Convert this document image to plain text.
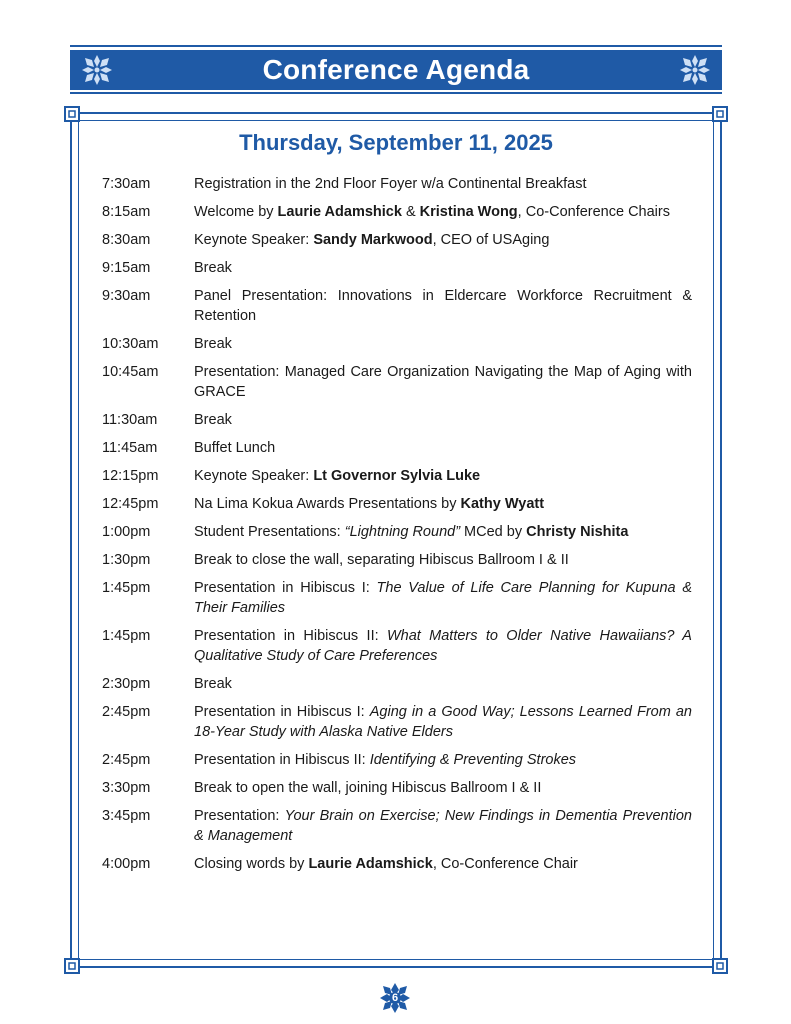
Conference Agenda
Thursday, September 11, 2025
7:30am	Registration in the 2nd Floor Foyer w/a Continental Breakfast
8:15am	Welcome by Laurie Adamshick & Kristina Wong, Co-Conference Chairs
8:30am	Keynote Speaker: Sandy Markwood, CEO of USAging
9:15am	Break
9:30am	Panel Presentation: Innovations in Eldercare Workforce Recruitment & Retention
10:30am	Break
10:45am	Presentation: Managed Care Organization Navigating the Map of Aging with GRACE
11:30am	Break
11:45am	Buffet Lunch
12:15pm	Keynote Speaker: Lt Governor Sylvia Luke
12:45pm	Na Lima Kokua Awards Presentations by Kathy Wyatt
1:00pm	Student Presentations: “Lightning Round” MCed by Christy Nishita
1:30pm	Break to close the wall, separating Hibiscus Ballroom I & II
1:45pm	Presentation in Hibiscus I: The Value of Life Care Planning for Kupuna & Their Families
1:45pm	Presentation in Hibiscus II: What Matters to Older Native Hawaiians? A Qualitative Study of Care Preferences
2:30pm	Break
2:45pm	Presentation in Hibiscus I: Aging in a Good Way; Lessons Learned From an 18-Year Study with Alaska Native Elders
2:45pm	Presentation in Hibiscus II: Identifying & Preventing Strokes
3:30pm	Break to open the wall, joining Hibiscus Ballroom I & II
3:45pm	Presentation: Your Brain on Exercise; New Findings in Dementia Prevention & Management
4:00pm	Closing words by Laurie Adamshick, Co-Conference Chair
6
